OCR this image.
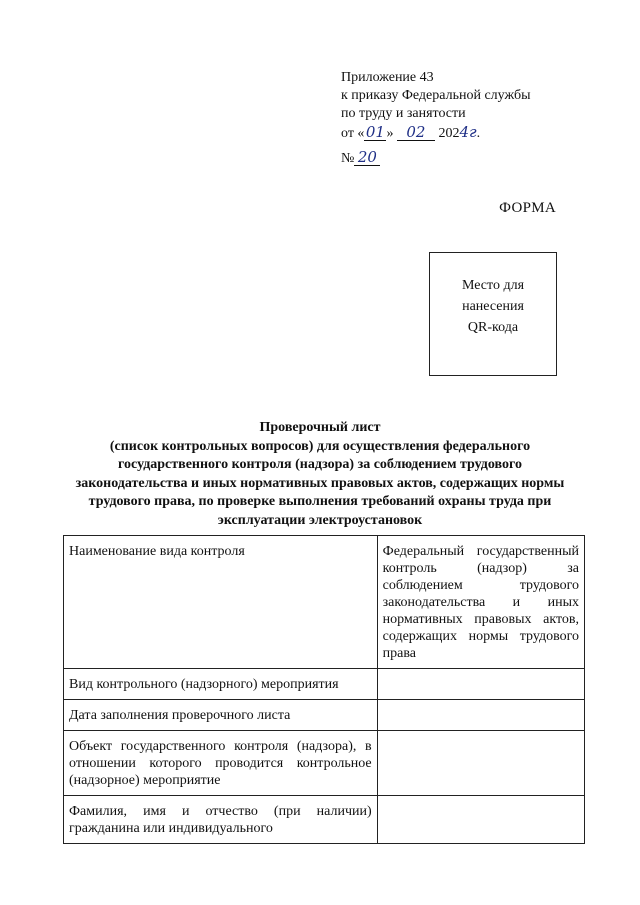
Приложение 43
к приказу Федеральной службы
по труду и занятости
от «01» 02 2024г.
№ 20
ФОРМА
Место для
нанесения
QR-кода
Проверочный лист
(список контрольных вопросов) для осуществления федерального
государственного контроля (надзора) за соблюдением трудового
законодательства и иных нормативных правовых актов, содержащих нормы
трудового права, по проверке выполнения требований охраны труда при
эксплуатации электроустановок
Наименование вида контроля	Федеральный государственный контроль (надзор) за соблюдением трудового законодательства и иных нормативных правовых актов, содержащих нормы трудового права
Вид контрольного (надзорного) мероприятия	
Дата заполнения проверочного листа	
Объект государственного контроля (надзора), в отношении которого проводится контрольное (надзорное) мероприятие	
Фамилия, имя и отчество (при наличии) гражданина или индивидуального	
